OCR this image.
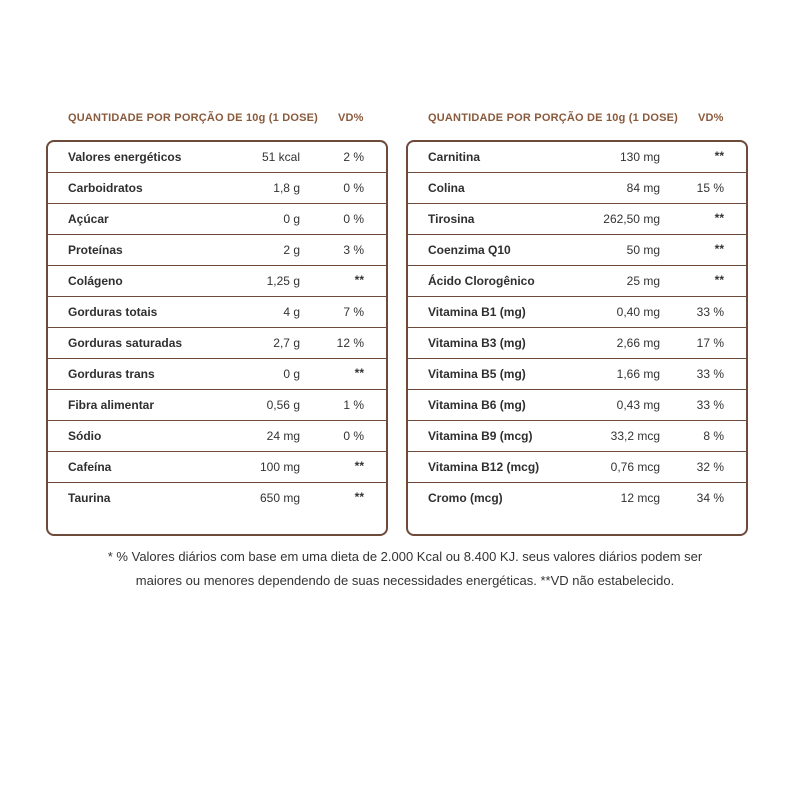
QUANTIDADE POR PORÇÃO DE 10g (1 DOSE) VD%
Valores energéticos	51 kcal	2 %
Carboidratos	1,8 g	0 %
Açúcar	0 g	0 %
Proteínas	2 g	3 %
Colágeno	1,25 g	**
Gorduras totais	4 g	7 %
Gorduras saturadas	2,7 g	12 %
Gorduras trans	0 g	**
Fibra alimentar	0,56 g	1 %
Sódio	24 mg	0 %
Cafeína	100 mg	**
Taurina	650 mg	**
QUANTIDADE POR PORÇÃO DE 10g (1 DOSE) VD%
Carnitina	130 mg	**
Colina	84 mg	15 %
Tirosina	262,50 mg	**
Coenzima Q10	50 mg	**
Ácido Clorogênico	25 mg	**
Vitamina B1 (mg)	0,40 mg	33 %
Vitamina B3 (mg)	2,66 mg	17 %
Vitamina B5 (mg)	1,66 mg	33 %
Vitamina B6 (mg)	0,43 mg	33 %
Vitamina B9 (mcg)	33,2 mcg	8 %
Vitamina B12 (mcg)	0,76 mcg	32 %
Cromo (mcg)	12 mcg	34 %
* % Valores diários com base em uma dieta de 2.000 Kcal ou 8.400 KJ. seus valores diários podem ser
maiores ou menores dependendo de suas necessidades energéticas. **VD não estabelecido.
